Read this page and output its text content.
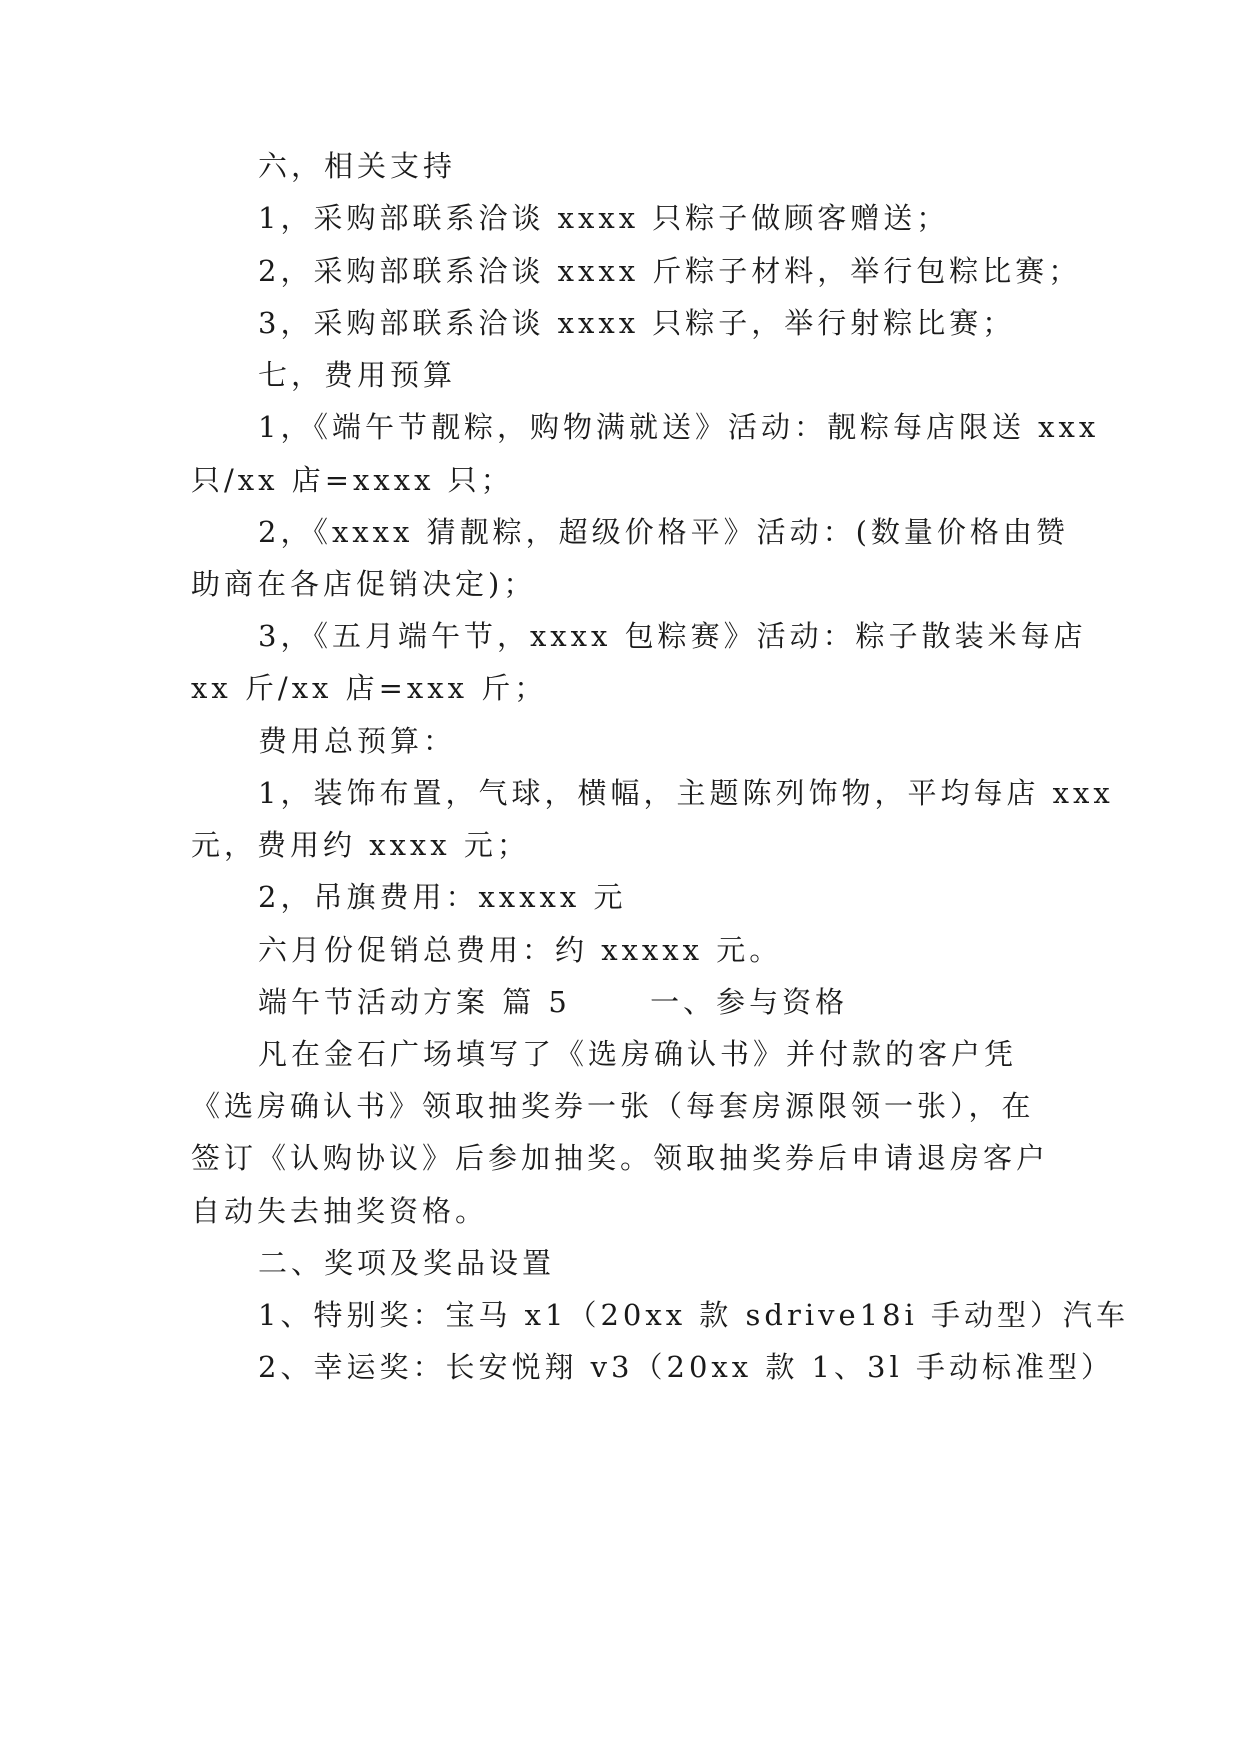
六，相关支持
1，采购部联系洽谈 xxxx 只粽子做顾客赠送；
2，采购部联系洽谈 xxxx 斤粽子材料，举行包粽比赛；
3，采购部联系洽谈 xxxx 只粽子，举行射粽比赛；
七，费用预算
1，《端午节靓粽，购物满就送》活动：靓粽每店限送 xxx
只/xx 店=xxxx 只；
2，《xxxx 猜靓粽，超级价格平》活动：(数量价格由赞
助商在各店促销决定)；
3，《五月端午节，xxxx 包粽赛》活动：粽子散装米每店
xx 斤/xx 店=xxx 斤；
费用总预算：
1，装饰布置，气球，横幅，主题陈列饰物，平均每店 xxx
元，费用约 xxxx 元；
2，吊旗费用：xxxxx 元
六月份促销总费用：约 xxxxx 元。
端午节活动方案 篇 5　　 一、参与资格
凡在金石广场填写了《选房确认书》并付款的客户凭
《选房确认书》领取抽奖券一张（每套房源限领一张），在
签订《认购协议》后参加抽奖。领取抽奖券后申请退房客户
自动失去抽奖资格。
二、奖项及奖品设置
1、特别奖：宝马 x1（20xx 款 sdrive18i 手动型）汽车
2、幸运奖：长安悦翔 v3（20xx 款 1、3l 手动标准型）
